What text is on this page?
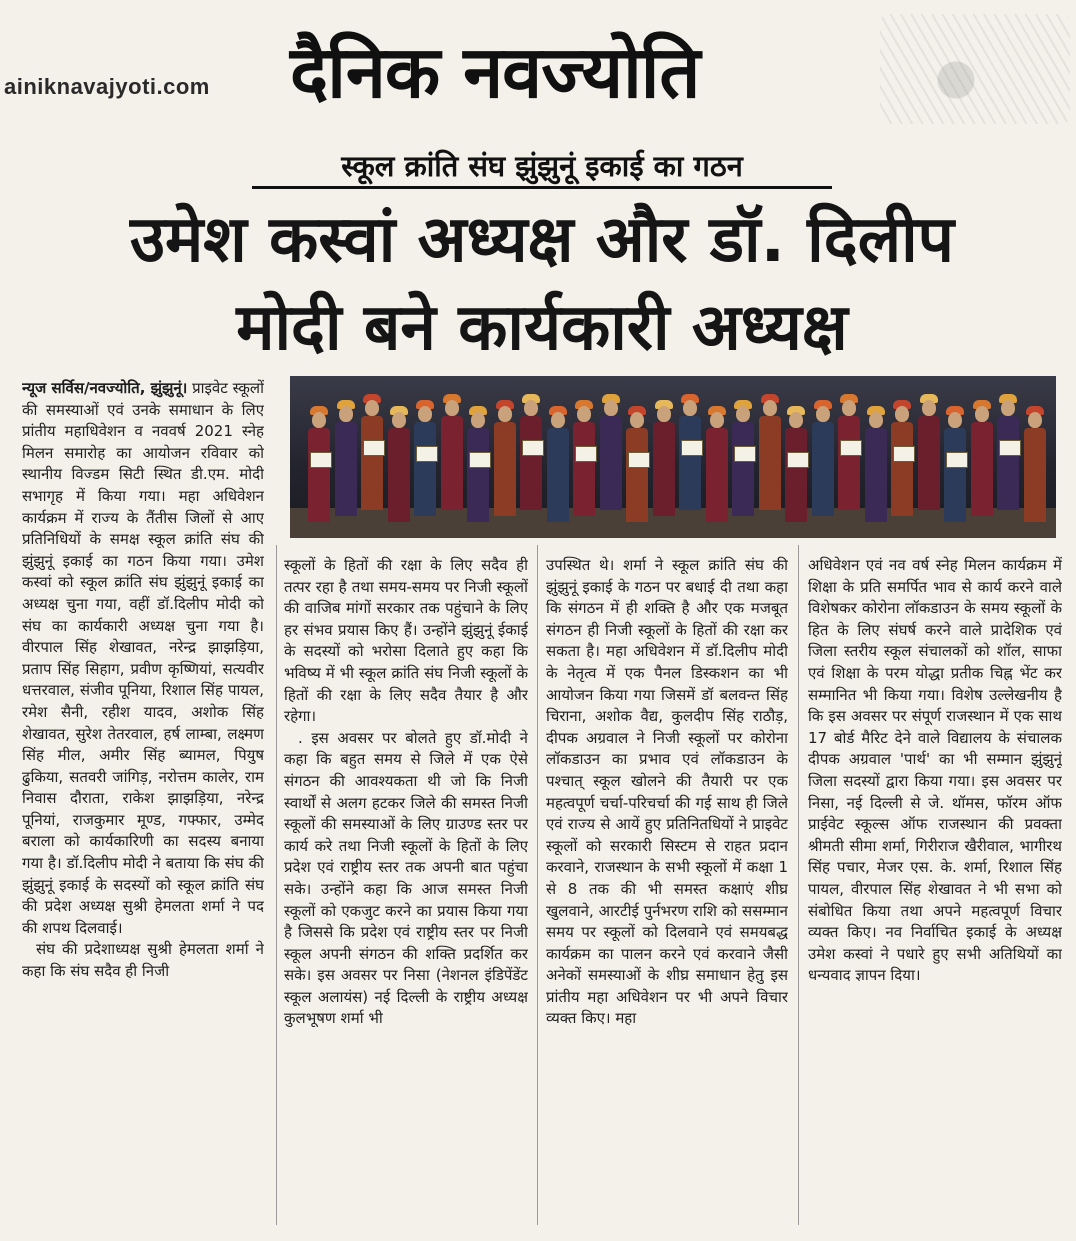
ainiknavajyoti.com दैनिक नवज्योति
स्कूल क्रांति संघ झुंझुनूं इकाई का गठन
उमेश कस्वां अध्यक्ष और डॉ. दिलीप
मोदी बने कार्यकारी अध्यक्ष

न्यूज सर्विस/नवज्योति, झुंझुनूं। प्राइवेट स्कूलों की समस्याओं एवं उनके समाधान के लिए प्रांतीय महाधिवेशन व नववर्ष 2021 स्नेह मिलन समारोह का आयोजन रविवार को स्थानीय विज्डम सिटी स्थित डी.एम. मोदी सभागृह में किया गया। महा अधिवेशन कार्यक्रम में राज्य के तैंतीस जिलों से आए प्रतिनिधियों के समक्ष स्कूल क्रांति संघ की झुंझुनूं इकाई का गठन किया गया। उमेश कस्वां को स्कूल क्रांति संघ झुंझुनूं इकाई का अध्यक्ष चुना गया, वहीं डॉ.दिलीप मोदी को संघ का कार्यकारी अध्यक्ष चुना गया है। वीरपाल सिंह शेखावत, नरेन्द्र झाझड़िया, प्रताप सिंह सिहाग, प्रवीण कृष्णियां, सत्यवीर धत्तरवाल, संजीव पूनिया, रिशाल सिंह पायल, रमेश सैनी, रहीश यादव, अशोक सिंह शेखावत, सुरेश तेतरवाल, हर्ष लाम्बा, लक्ष्मण सिंह मील, अमीर सिंह ब्यामल, पियुष ढुकिया, सतवरी जांगिड़, नरोत्तम कालेर, राम निवास दौराता, राकेश झाझड़िया, नरेन्द्र पूनियां, राजकुमार मूण्ड, गफ्फार, उम्मेद बराला को कार्यकारिणी का सदस्य बनाया गया है। डॉ.दिलीप मोदी ने बताया कि संघ की झुंझुनूं इकाई के सदस्यों को स्कूल क्रांति संघ की प्रदेश अध्यक्ष सुश्री हेमलता शर्मा ने पद की शपथ दिलवाई।

संघ की प्रदेशाध्यक्ष सुश्री हेमलता शर्मा ने कहा कि संघ सदैव ही निजी

स्कूलों के हितों की रक्षा के लिए सदैव ही तत्पर रहा है तथा समय-समय पर निजी स्कूलों की वाजिब मांगों सरकार तक पहुंचाने के लिए हर संभव प्रयास किए हैं। उन्होंने झुंझुनूं ईकाई के सदस्यों को भरोसा दिलाते हुए कहा कि भविष्य में भी स्कूल क्रांति संघ निजी स्कूलों के हितों की रक्षा के लिए सदैव तैयार है और रहेगा।

. इस अवसर पर बोलते हुए डॉ.मोदी ने कहा कि बहुत समय से जिले में एक ऐसे संगठन की आवश्यकता थी जो कि निजी स्वार्थों से अलग हटकर जिले की समस्त निजी स्कूलों की समस्याओं के लिए ग्राउण्ड स्तर पर कार्य करे तथा निजी स्कूलों के हितों के लिए प्रदेश एवं राष्ट्रीय स्तर तक अपनी बात पहुंचा सके। उन्होंने कहा कि आज समस्त निजी स्कूलों को एकजुट करने का प्रयास किया गया है जिससे कि प्रदेश एवं राष्ट्रीय स्तर पर निजी स्कूल अपनी संगठन की शक्ति प्रदर्शित कर सके। इस अवसर पर निसा (नेशनल इंडिपेंडेंट स्कूल अलायंस) नई दिल्ली के राष्ट्रीय अध्यक्ष कुलभूषण शर्मा भी

उपस्थित थे। शर्मा ने स्कूल क्रांति संघ की झुंझुनूं इकाई के गठन पर बधाई दी तथा कहा कि संगठन में ही शक्ति है और एक मजबूत संगठन ही निजी स्कूलों के हितों की रक्षा कर सकता है। महा अधिवेशन में डॉ.दिलीप मोदी के नेतृत्व में एक पैनल डिस्कशन का भी आयोजन किया गया जिसमें डॉ बलवन्त सिंह चिराना, अशोक वैद्य, कुलदीप सिंह राठौड़, दीपक अग्रवाल ने निजी स्कूलों पर कोरोना लॉकडाउन का प्रभाव एवं लॉकडाउन के पश्चात् स्कूल खोलने की तैयारी पर एक महत्वपूर्ण चर्चा-परिचर्चा की गई साथ ही जिले एवं राज्य से आयें हुए प्रतिनितधियों ने प्राइवेट स्कूलों को सरकारी सिस्टम से राहत प्रदान करवाने, राजस्थान के सभी स्कूलों में कक्षा 1 से 8 तक की भी समस्त कक्षाएं शीघ्र खुलवाने, आरटीई पुर्नभरण राशि को ससम्मान समय पर स्कूलों को दिलवाने एवं समयबद्ध कार्यक्रम का पालन करने एवं करवाने जैसी अनेकों समस्याओं के शीघ्र समाधान हेतु इस प्रांतीय महा अधिवेशन पर भी अपने विचार व्यक्त किए। महा

अधिवेशन एवं नव वर्ष स्नेह मिलन कार्यक्रम में शिक्षा के प्रति समर्पित भाव से कार्य करने वाले विशेषकर कोरोना लॉकडाउन के समय स्कूलों के हित के लिए संघर्ष करने वाले प्रादेशिक एवं जिला स्तरीय स्कूल संचालकों को शॉल, साफा एवं शिक्षा के परम योद्धा प्रतीक चिह्न भेंट कर सम्मानित भी किया गया। विशेष उल्लेखनीय है कि इस अवसर पर संपूर्ण राजस्थान में एक साथ 17 बोर्ड मैरिट देने वाले विद्यालय के संचालक दीपक अग्रवाल 'पार्थ' का भी सम्मान झुंझुनूं जिला सदस्यों द्वारा किया गया। इस अवसर पर निसा, नई दिल्ली से जे. थॉमस, फॉरम ऑफ प्राईवेट स्कूल्स ऑफ राजस्थान की प्रवक्ता श्रीमती सीमा शर्मा, गिरीराज खैरीवाल, भागीरथ सिंह पचार, मेजर एस. के. शर्मा, रिशाल सिंह पायल, वीरपाल सिंह शेखावत ने भी सभा को संबोधित किया तथा अपने महत्वपूर्ण विचार व्यक्त किए। नव निर्वाचित इकाई के अध्यक्ष उमेश कस्वां ने पधारे हुए सभी अतिथियों का धन्यवाद ज्ञापन दिया।
